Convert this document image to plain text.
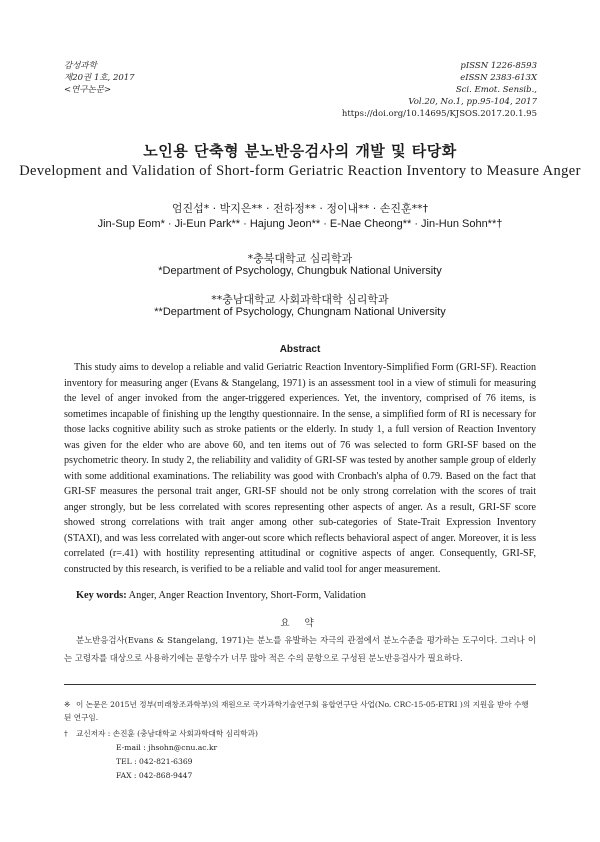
감성과학
제20권 1호, 2017
<연구논문>
pISSN 1226-8593
eISSN 2383-613X
Sci. Emot. Sensib.,
Vol.20, No.1, pp.95-104, 2017
https://doi.org/10.14695/KJSOS.2017.20.1.95
노인용 단축형 분노반응검사의 개발 및 타당화
Development and Validation of Short-form Geriatric Reaction Inventory to Measure Anger
엄진섭* · 박지은** · 전하정** · 정이내** · 손진훈**†
Jin-Sup Eom* · Ji-Eun Park** · Hajung Jeon** · E-Nae Cheong** · Jin-Hun Sohn**†
*충북대학교 심리학과
*Department of Psychology, Chungbuk National University
**충남대학교 사회과학대학 심리학과
**Department of Psychology, Chungnam National University
Abstract

This study aims to develop a reliable and valid Geriatric Reaction Inventory-Simplified Form (GRI-SF). Reaction inventory for measuring anger (Evans & Stangelang, 1971) is an assessment tool in a view of stimuli for measuring the level of anger invoked from the anger-triggered experiences. Yet, the inventory, comprised of 76 items, is sometimes incapable of finishing up the lengthy questionnaire. In the sense, a simplified form of RI is necessary for those lacks cognitive ability such as stroke patients or the elderly. In study 1, a full version of Reaction Inventory was given for the elder who are above 60, and ten items out of 76 was selected to form GRI-SF based on the psychometric theory. In study 2, the reliability and validity of GRI-SF was tested by another sample group of elderly with some additional examinations. The reliability was good with Cronbach's alpha of 0.79. Based on the fact that GRI-SF measures the personal trait anger, GRI-SF should not be only strong correlation with the scores of trait anger strongly, but be less correlated with scores representing other aspects of anger. As a result, GRI-SF score showed strong correlations with trait anger among other sub-categories of State-Trait Expression Inventory (STAXI), and was less correlated with anger-out score which reflects behavioral aspect of anger. Moreover, it is less correlated (r=.41) with hostility representing attitudinal or cognitive aspects of anger. Consequently, GRI-SF, constructed by this research, is verified to be a reliable and valid tool for anger measurement.

Key words: Anger, Anger Reaction Inventory, Short-Form, Validation
요 약

분노반응검사(Evans & Stangelang, 1971)는 분노를 유발하는 자극의 관점에서 분노수준을 평가하는 도구이다. 그러나 이는 고령자를 대상으로 사용하기에는 문항수가 너무 많아 적은 수의 문항으로 구성된 분노반응검사가 필요하다.

※ 이 논문은 2015년 정부(미래창조과학부)의 재원으로 국가과학기술연구회 융합연구단 사업(No. CRC-15-05-ETRI )의 지원을 받아 수행된 연구임.
† 교신저자 : 손진훈 (충남대학교 사회과학대학 심리학과)
E-mail : jhsohn@cnu.ac.kr
TEL : 042-821-6369
FAX : 042-868-9447
